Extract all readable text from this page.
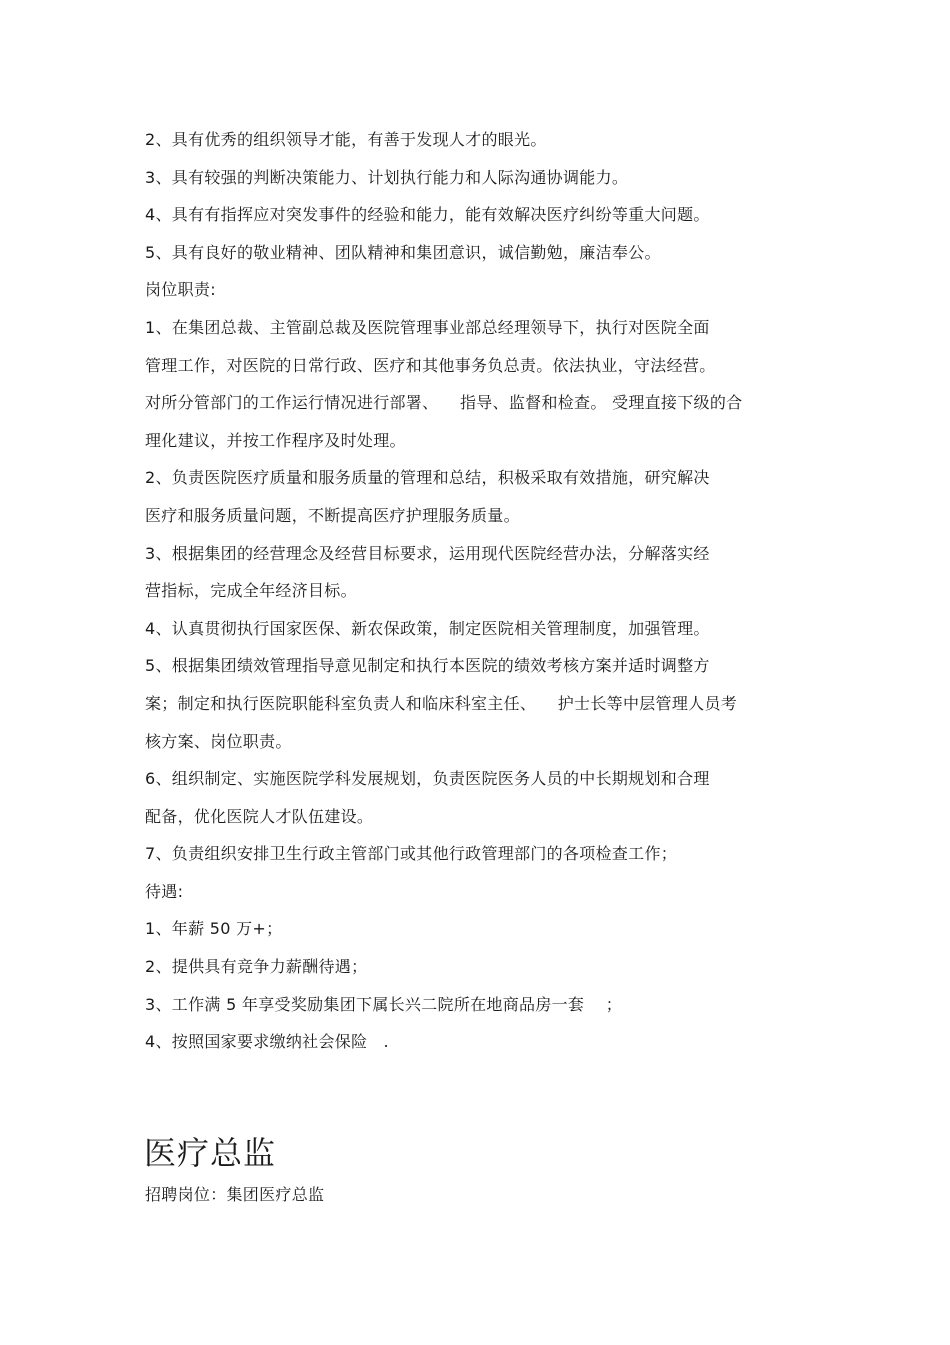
2、具有优秀的组织领导才能，有善于发现人才的眼光。
3、具有较强的判断决策能力、计划执行能力和人际沟通协调能力。
4、具有有指挥应对突发事件的经验和能力，能有效解决医疗纠纷等重大问题。
5、具有良好的敬业精神、团队精神和集团意识，诚信勤勉，廉洁奉公。
岗位职责:
1、在集团总裁、主管副总裁及医院管理事业部总经理领导下，执行对医院全面
管理工作，对医院的日常行政、医疗和其他事务负总责。依法执业，守法经营。
对所分管部门的工作运行情况进行部署、    指导、监督和检查。 受理直接下级的合
理化建议，并按工作程序及时处理。
2、负责医院医疗质量和服务质量的管理和总结，积极采取有效措施，研究解决
医疗和服务质量问题，不断提高医疗护理服务质量。
3、根据集团的经营理念及经营目标要求，运用现代医院经营办法，分解落实经
营指标，完成全年经济目标。
4、认真贯彻执行国家医保、新农保政策，制定医院相关管理制度，加强管理。
5、根据集团绩效管理指导意见制定和执行本医院的绩效考核方案并适时调整方
案；制定和执行医院职能科室负责人和临床科室主任、    护士长等中层管理人员考
核方案、岗位职责。
6、组织制定、实施医院学科发展规划，负责医院医务人员的中长期规划和合理
配备，优化医院人才队伍建设。
7、负责组织安排卫生行政主管部门或其他行政管理部门的各项检查工作；
待遇:
1、年薪 50 万+；
2、提供具有竞争力薪酬待遇；
3、工作满 5 年享受奖励集团下属长兴二院所在地商品房一套    ；
4、按照国家要求缴纳社会保险   .
医疗总监
招聘岗位：集团医疗总监
